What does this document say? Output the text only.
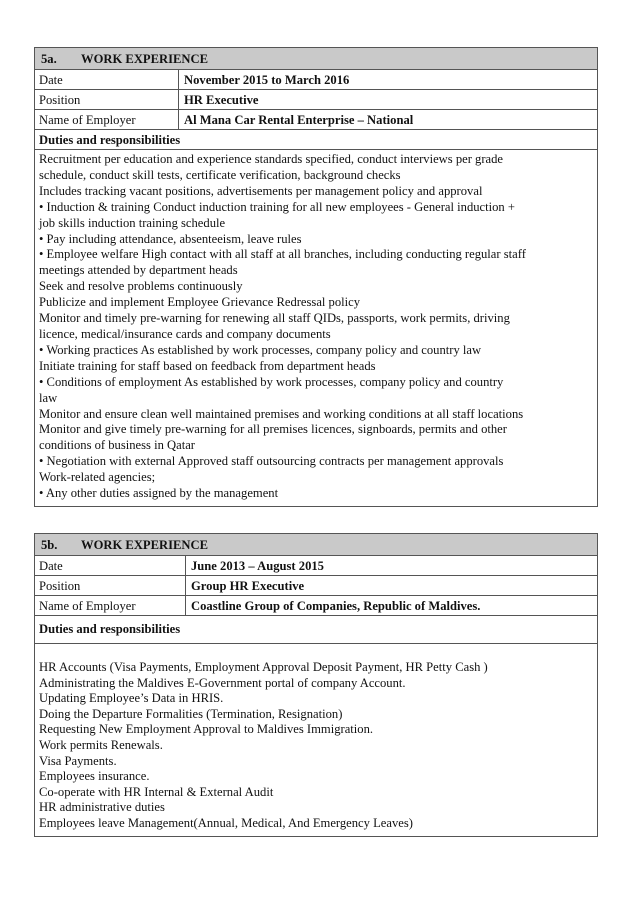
5a. WORK EXPERIENCE
Date	November 2015 to March 2016
Position	HR Executive
Name of Employer	Al Mana Car Rental Enterprise – National
Duties and responsibilities
Recruitment per education and experience standards specified, conduct interviews per grade
schedule, conduct skill tests, certificate verification, background checks
Includes tracking vacant positions, advertisements per management policy and approval
• Induction & training Conduct induction training for all new employees - General induction +
job skills induction training schedule
• Pay including attendance, absenteeism, leave rules
• Employee welfare High contact with all staff at all branches, including conducting regular staff
meetings attended by department heads
Seek and resolve problems continuously
Publicize and implement Employee Grievance Redressal policy
Monitor and timely pre-warning for renewing all staff QIDs, passports, work permits, driving
licence, medical/insurance cards and company documents
• Working practices As established by work processes, company policy and country law
Initiate training for staff based on feedback from department heads
• Conditions of employment As established by work processes, company policy and country
law
Monitor and ensure clean well maintained premises and working conditions at all staff locations
Monitor and give timely pre-warning for all premises licences, signboards, permits and other
conditions of business in Qatar
• Negotiation with external Approved staff outsourcing contracts per management approvals
Work-related agencies;
• Any other duties assigned by the management
5b. WORK EXPERIENCE
Date	June 2013 – August 2015
Position	Group HR Executive
Name of Employer	Coastline Group of Companies, Republic of Maldives.
Duties and responsibilities
HR Accounts (Visa Payments, Employment Approval Deposit Payment, HR Petty Cash )
Administrating the Maldives E-Government portal of company Account.
Updating Employee’s Data in HRIS.
Doing the Departure Formalities (Termination, Resignation)
Requesting New Employment Approval to Maldives Immigration.
Work permits Renewals.
Visa Payments.
Employees insurance.
Co-operate with HR Internal & External Audit
HR administrative duties
Employees leave Management(Annual, Medical, And Emergency Leaves)
